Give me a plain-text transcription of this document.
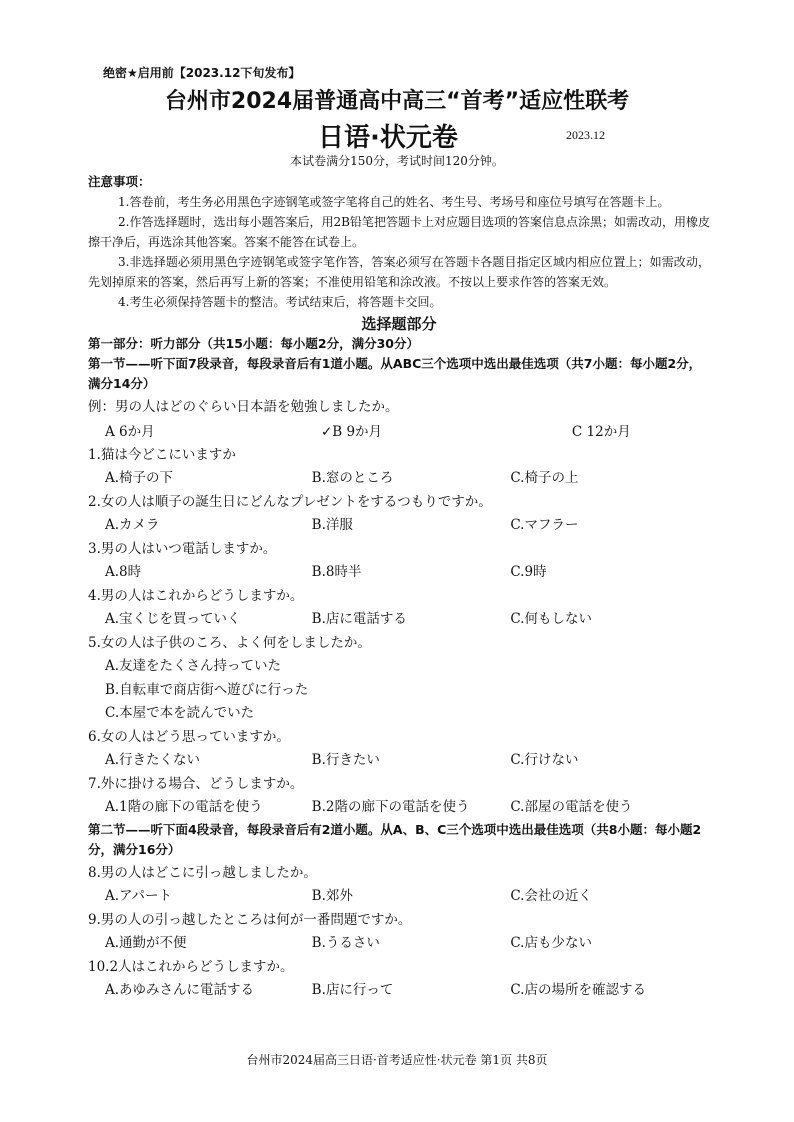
绝密★启用前【2023.12下旬发布】
台州市2024届普通高中高三“首考”适应性联考
日语·状元卷	2023.12
本试卷满分150分，考试时间120分钟。
注意事项：

1.答卷前，考生务必用黑色字迹钢笔或签字笔将自己的姓名、考生号、考场号和座位号填写在答题卡上。

2.作答选择题时，选出每小题答案后，用2B铅笔把答题卡上对应题目选项的答案信息点涂黑；如需改动，用橡皮擦干净后，再选涂其他答案。答案不能答在试卷上。

3.非选择题必须用黑色字迹钢笔或签字笔作答，答案必须写在答题卡各题目指定区域内相应位置上；如需改动，先划掉原来的答案，然后再写上新的答案；不准使用铅笔和涂改液。不按以上要求作答的答案无效。

4.考生必须保持答题卡的整洁。考试结束后，将答题卡交回。

选择题部分
第一部分：听力部分（共15小题：每小题2分，满分30分）
第一节——听下面7段录音，每段录音后有1道小题。从ABC三个选项中选出最佳选项（共7小题：每小题2分，满分14分）
例：男の人はどのぐらい日本語を勉強しましたか。
A 6か月	✓B 9か月	C 12か月
1.猫は今どこにいますか
A.椅子の下	B.窓のところ	C.椅子の上
2.女の人は順子の誕生日にどんなプレゼントをするつもりですか。
A.カメラ	B.洋服	C.マフラー
3.男の人はいつ電話しますか。
A.8時	B.8時半	C.9時
4.男の人はこれからどうしますか。
A.宝くじを買っていく	B.店に電話する	C.何もしない
5.女の人は子供のころ、よく何をしましたか。
A.友達をたくさん持っていた
B.自転車で商店街へ遊びに行った
C.本屋で本を読んでいた
6.女の人はどう思っていますか。
A.行きたくない	B.行きたい	C.行けない
7.外に掛ける場合、どうしますか。
A.1階の廊下の電話を使う	B.2階の廊下の電話を使う	C.部屋の電話を使う
第二节——听下面4段录音，每段录音后有2道小题。从A、B、C三个选项中选出最佳选项（共8小题：每小题2分，满分16分）
8.男の人はどこに引っ越しましたか。
A.アパート	B.郊外	C.会社の近く
9.男の人の引っ越したところは何が一番問題ですか。
A.通勤が不便	B.うるさい	C.店も少ない
10.2人はこれからどうしますか。
A.あゆみさんに電話する	B.店に行って	C.店の場所を確認する
台州市2024届高三日语·首考适应性·状元卷 第1页 共8页
